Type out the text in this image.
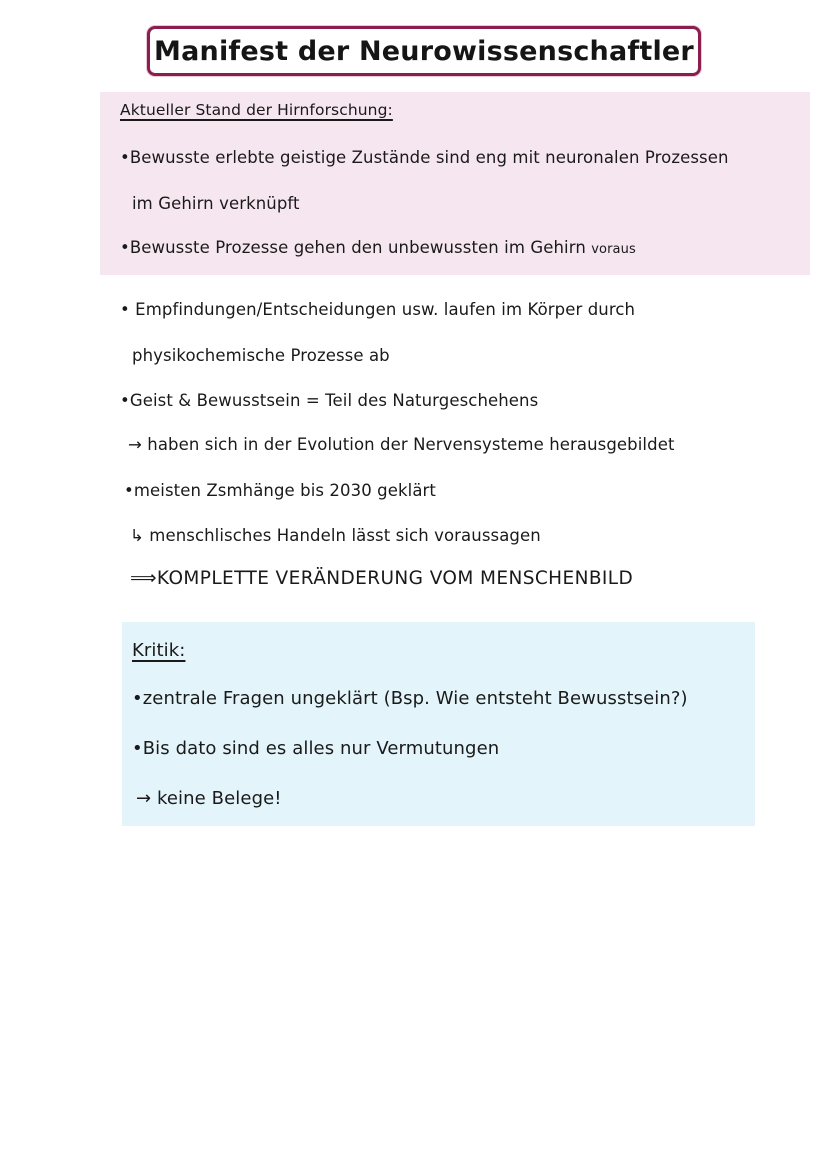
Manifest der Neurowissenschaftler
Aktueller Stand der Hirnforschung:
•Bewusste erlebte geistige Zustände sind eng mit neuronalen Prozessen
im Gehirn verknüpft
•Bewusste Prozesse gehen den unbewussten im Gehirn voraus
• Empfindungen/Entscheidungen usw. laufen im Körper durch
physikochemische Prozesse ab
•Geist & Bewusstsein = Teil des Naturgeschehens
→ haben sich in der Evolution der Nervensysteme herausgebildet
•meisten Zsmhänge bis 2030 geklärt
↳ menschlisches Handeln lässt sich voraussagen
⟹KOMPLETTE VERÄNDERUNG VOM MENSCHENBILD
Kritik:
•zentrale Fragen ungeklärt (Bsp. Wie entsteht Bewusstsein?)
•Bis dato sind es alles nur Vermutungen
→ keine Belege!
